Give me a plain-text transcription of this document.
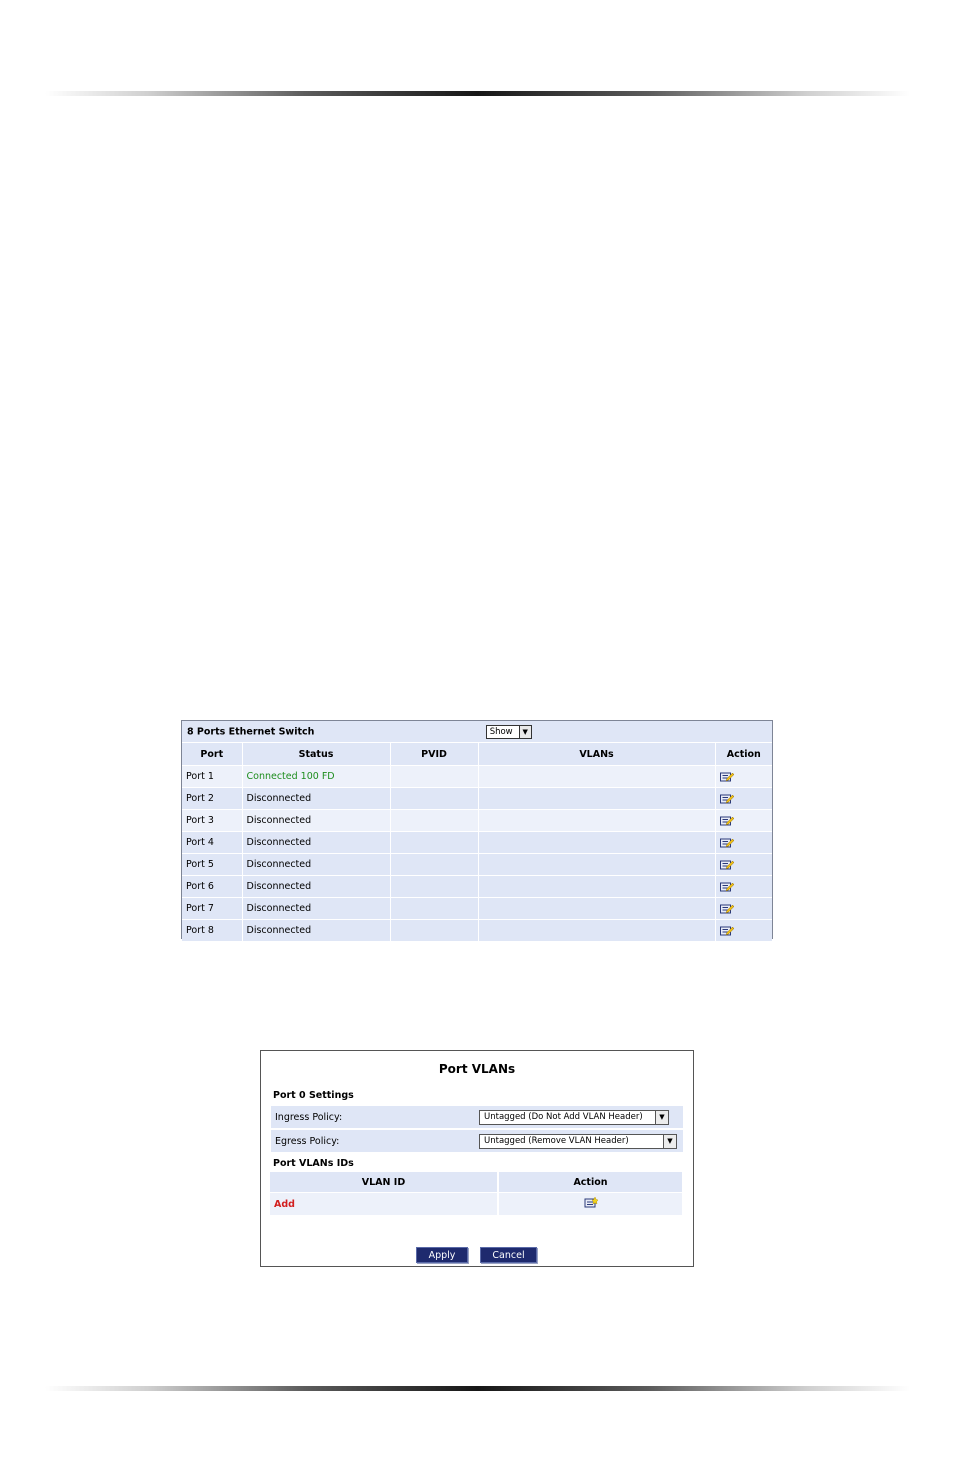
8 Ports Ethernet Switch Show ▼				

Port	Status	PVID	VLANs	Action
Port 1	Connected 100 FD			
Port 2	Disconnected			
Port 3	Disconnected			
Port 4	Disconnected			
Port 5	Disconnected			
Port 6	Disconnected			
Port 7	Disconnected			
Port 8	Disconnected			
Port VLANs
Port 0 Settings
Ingress Policy:	Untagged (Do Not Add VLAN Header)	▼
Egress Policy:	Untagged (Remove VLAN Header)	▼
Port VLANs IDs
VLAN ID	Action
Add	
Apply	Cancel
